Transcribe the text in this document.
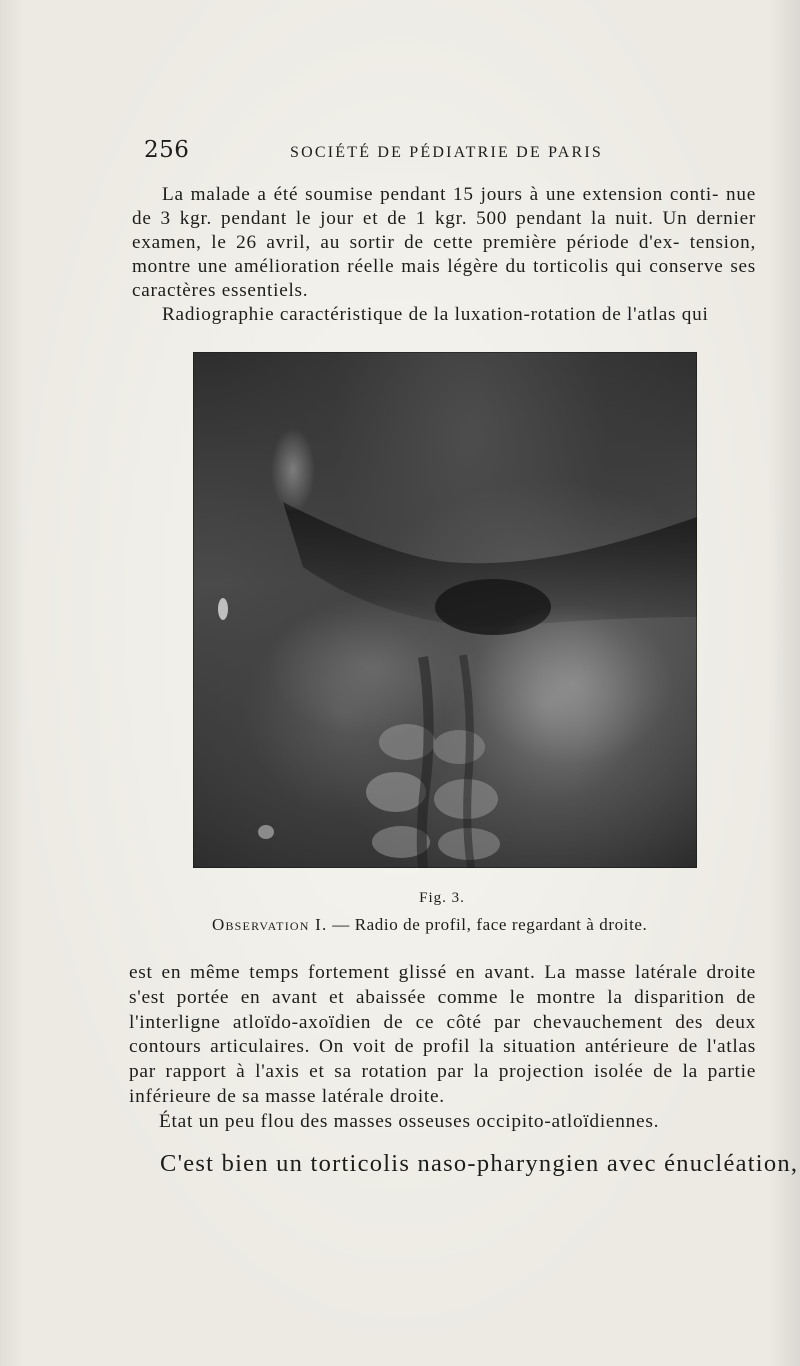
256	SOCIÉTÉ DE PÉDIATRIE DE PARIS

La malade a été soumise pendant 15 jours à une extension conti- nue de 3 kgr. pendant le jour et de 1 kgr. 500 pendant la nuit. Un dernier examen, le 26 avril, au sortir de cette première période d'ex- tension, montre une amélioration réelle mais légère du torticolis qui conserve ses caractères essentiels.

Radiographie caractéristique de la luxation-rotation de l'atlas qui

Fig. 3.
Observation I. — Radio de profil, face regardant à droite.

est en même temps fortement glissé en avant. La masse latérale droite s'est portée en avant et abaissée comme le montre la disparition de l'interligne atloïdo-axoïdien de ce côté par chevauchement des deux contours articulaires. On voit de profil la situation antérieure de l'atlas par rapport à l'axis et sa rotation par la projection isolée de la partie inférieure de sa masse latérale droite.

État un peu flou des masses osseuses occipito-atloïdiennes.

C'est bien un torticolis naso-pharyngien avec énucléation,
